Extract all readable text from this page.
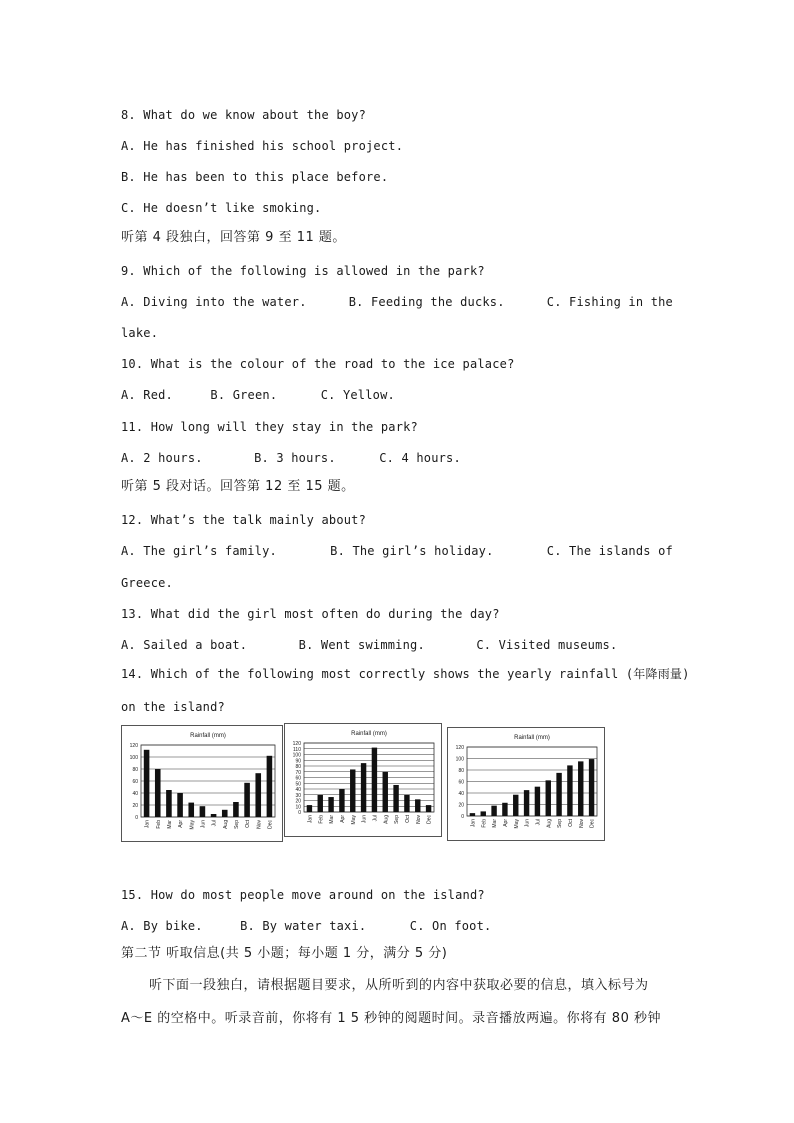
8. What do we know about the boy?
A. He has finished his school project.
B. He has been to this place before.
C. He doesn’t like smoking.
听第 4 段独白，回答第 9 至 11 题。
9. Which of the following is allowed in the park?
A. Diving into the water.	B. Feeding the ducks.	C. Fishing in the
lake.
10. What is the colour of the road to the ice palace?
A. Red.	B. Green.	C. Yellow.
11. How long will they stay in the park?
A. 2 hours.	B. 3 hours.	C. 4 hours.
听第 5 段对话。回答第 12 至 15 题。
12. What’s the talk mainly about?
A. The girl’s family.	B. The girl’s holiday.	C. The islands of
Greece.
13. What did the girl most often do during the day?
A. Sailed a boat.	B. Went swimming.	C. Visited museums.
14. Which of the following most correctly shows the yearly rainfall (年降雨量)
on the island?
Rainfall (mm)
0
20
40
60
80
100
120
Jan Feb Mar Apr May Jun Jul Aug Sep Oct Nov Dec
Rainfall (mm)
0
10
20
30
40
50
60
70
80
90
100
110
120
Jan Feb Mar Apr May Jun Jul Aug Sep Oct Nov Dec
Rainfall (mm)
0
20
40
60
80
100
120
Jan Feb Mar Apr May Jun Jul Aug Sep Oct Nov Dec
15. How do most people move around on the island?
A. By bike.	B. By water taxi.	C. On foot.
第二节 听取信息(共 5 小题；每小题 1 分，满分 5 分)
听下面一段独白，请根据题目要求，从所听到的内容中获取必要的信息，填入标号为
A～E 的空格中。听录音前，你将有 1 5 秒钟的阅题时间。录音播放两遍。你将有 80 秒钟
